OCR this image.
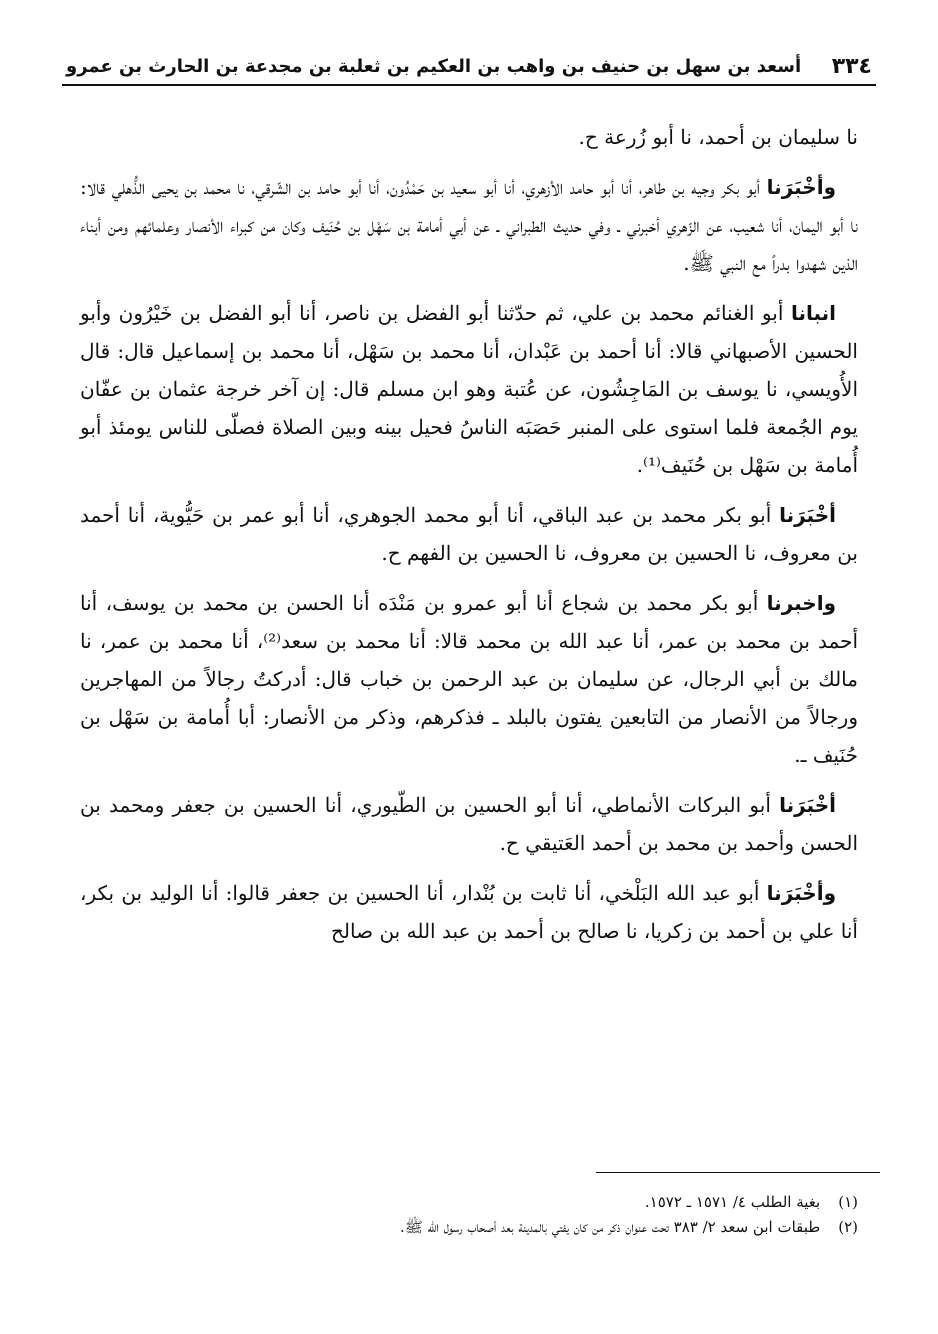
٣٣٤
أسعد بن سهل بن حنيف بن واهب بن العكيم بن ثعلبة بن مجدعة بن الحارث بن عمرو

نا سليمان بن أحمد، نا أبو زُرعة ح.

وأخْبَرَنا أبو بكر وجيه بن طاهر، أنا أبو حامد الأزهري، أنا أبو سعيد بن حَمْدُون، أنا أبو حامد بن الشّرقي، نا محمد بن يحيى الذُّهلي قالا: نا أبو اليمان، أنا شعيب، عن الزّهري أخبرني ـ وفي حديث الطبراني ـ عن أبي أمامة بن سَهْل بن حُنَيف وكان من كبراء الأنصار وعلمائهم ومن أبناء الذين شهدوا بدراً مع النبي ﷺ.

انبانا أبو الغنائم محمد بن علي، ثم حدّثنا أبو الفضل بن ناصر، أنا أبو الفضل بن خَيْرُون وأبو الحسين الأصبهاني قالا: أنا أحمد بن عَبْدان، أنا محمد بن سَهْل، أنا محمد بن إسماعيل قال: قال الأُويسي، نا يوسف بن المَاجِشُون، عن عُتبة وهو ابن مسلم قال: إن آخر خرجة عثمان بن عفّان يوم الجُمعة فلما استوى على المنبر حَصَبَه الناسُ فحيل بينه وبين الصلاة فصلّى للناس يومئذ أبو أُمامة بن سَهْل بن حُنَيف⁽¹⁾.

أخْبَرَنا أبو بكر محمد بن عبد الباقي، أنا أبو محمد الجوهري، أنا أبو عمر بن حَيُّوية، أنا أحمد بن معروف، نا الحسين بن معروف، نا الحسين بن الفهم ح.

واخبرنا أبو بكر محمد بن شجاع أنا أبو عمرو بن مَنْدَه أنا الحسن بن محمد بن يوسف، أنا أحمد بن محمد بن عمر، أنا عبد الله بن محمد قالا: أنا محمد بن سعد⁽²⁾، أنا محمد بن عمر، نا مالك بن أبي الرجال، عن سليمان بن عبد الرحمن بن خباب قال: أدركتُ رجالاً من المهاجرين ورجالاً من الأنصار من التابعين يفتون بالبلد ـ فذكرهم، وذكر من الأنصار: أبا أُمامة بن سَهْل بن حُنَيف ـ.

أخْبَرَنا أبو البركات الأنماطي، أنا أبو الحسين بن الطّيوري، أنا الحسين بن جعفر ومحمد بن الحسن وأحمد بن محمد بن أحمد العَتيقي ح.

وأخْبَرَنا أبو عبد الله البَلْخي، أنا ثابت بن بُنْدار، أنا الحسين بن جعفر قالوا: أنا الوليد بن بكر، أنا علي بن أحمد بن زكريا، نا صالح بن أحمد بن عبد الله بن صالح

(١)بغية الطلب ٤/ ١٥٧١ ـ ١٥٧٢.

(٢)طبقات ابن سعد ٢/ ٣٨٣ تحت عنوان ذكر من كان يفتي بالمدينة بعد أصحاب رسول الله ﷺ.
